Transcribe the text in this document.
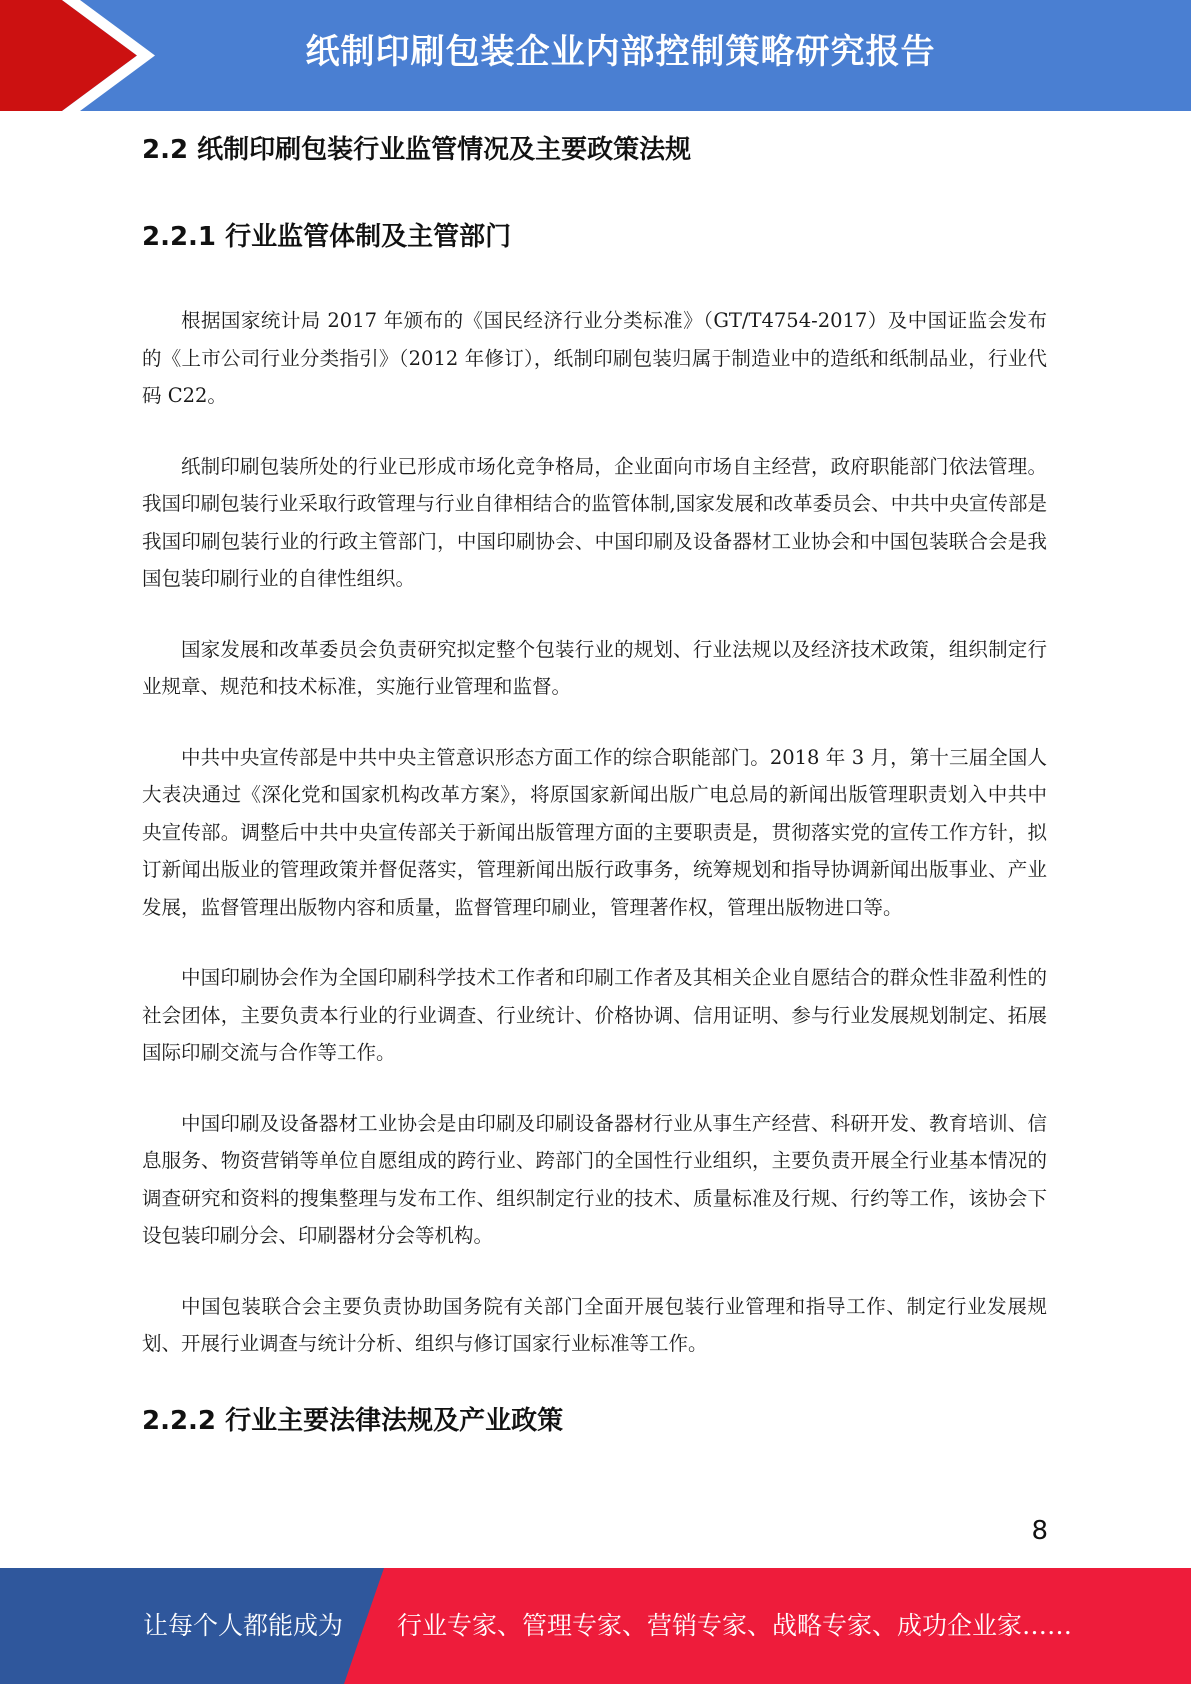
纸制印刷包装企业内部控制策略研究报告
2.2 纸制印刷包装行业监管情况及主要政策法规
2.2.1 行业监管体制及主管部门

根据国家统计局 2017 年颁布的《国民经济行业分类标准》（GT/T4754-2017）及中国证监会发布的《上市公司行业分类指引》（2012 年修订），纸制印刷包装归属于制造业中的造纸和纸制品业，行业代码 C22。

纸制印刷包装所处的行业已形成市场化竞争格局，企业面向市场自主经营，政府职能部门依法管理。我国印刷包装行业采取行政管理与行业自律相结合的监管体制,国家发展和改革委员会、中共中央宣传部是我国印刷包装行业的行政主管部门，中国印刷协会、中国印刷及设备器材工业协会和中国包装联合会是我国包装印刷行业的自律性组织。

国家发展和改革委员会负责研究拟定整个包装行业的规划、行业法规以及经济技术政策，组织制定行业规章、规范和技术标准，实施行业管理和监督。

中共中央宣传部是中共中央主管意识形态方面工作的综合职能部门。2018 年 3 月，第十三届全国人大表决通过《深化党和国家机构改革方案》，将原国家新闻出版广电总局的新闻出版管理职责划入中共中央宣传部。调整后中共中央宣传部关于新闻出版管理方面的主要职责是，贯彻落实党的宣传工作方针，拟订新闻出版业的管理政策并督促落实，管理新闻出版行政事务，统筹规划和指导协调新闻出版事业、产业发展，监督管理出版物内容和质量，监督管理印刷业，管理著作权，管理出版物进口等。

中国印刷协会作为全国印刷科学技术工作者和印刷工作者及其相关企业自愿结合的群众性非盈利性的社会团体，主要负责本行业的行业调查、行业统计、价格协调、信用证明、参与行业发展规划制定、拓展国际印刷交流与合作等工作。

中国印刷及设备器材工业协会是由印刷及印刷设备器材行业从事生产经营、科研开发、教育培训、信息服务、物资营销等单位自愿组成的跨行业、跨部门的全国性行业组织，主要负责开展全行业基本情况的调查研究和资料的搜集整理与发布工作、组织制定行业的技术、质量标准及行规、行约等工作，该协会下设包装印刷分会、印刷器材分会等机构。

中国包装联合会主要负责协助国务院有关部门全面开展包装行业管理和指导工作、制定行业发展规划、开展行业调查与统计分析、组织与修订国家行业标准等工作。

2.2.2 行业主要法律法规及产业政策
8
让每个人都能成为 行业专家、管理专家、营销专家、战略专家、成功企业家……
